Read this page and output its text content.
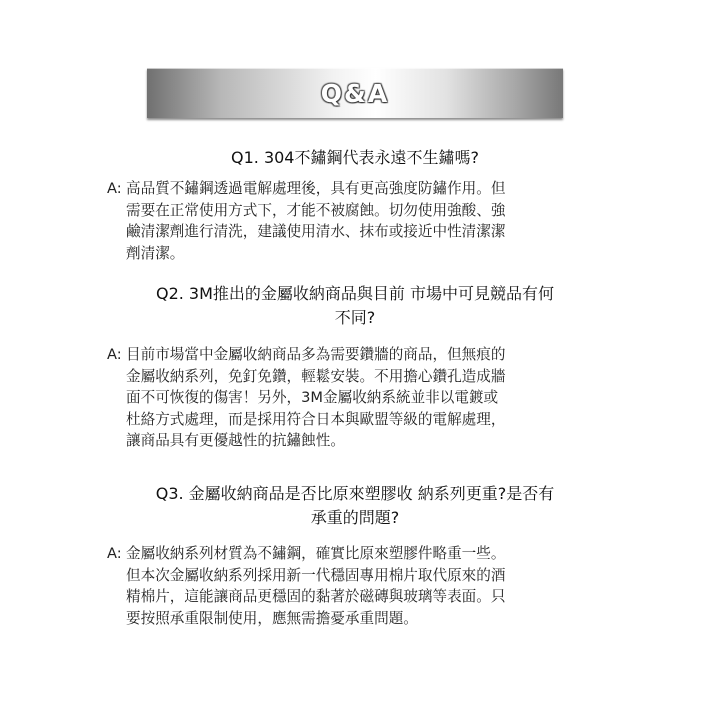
Q&A
Q1. 304不鏽鋼代表永遠不生鏽嗎?
A: 高品質不鏽鋼透過電解處理後，具有更高強度防鏽作用。但
需要在正常使用方式下，才能不被腐蝕。切勿使用強酸、強
鹼清潔劑進行清洗，建議使用清水、抹布或接近中性清潔潔
劑清潔。
Q2. 3M推出的金屬收納商品與目前 市場中可見競品有何不同?
A: 目前市場當中金屬收納商品多為需要鑽牆的商品，但無痕的
金屬收納系列，免釘免鑽，輕鬆安裝。不用擔心鑽孔造成牆
面不可恢復的傷害！另外，3M金屬收納系統並非以電鍍或
杜絡方式處理，而是採用符合日本與歐盟等級的電解處理，
讓商品具有更優越性的抗鏽蝕性。
Q3. 金屬收納商品是否比原來塑膠收 納系列更重?是否有承重的問題?
A: 金屬收納系列材質為不鏽鋼，確實比原來塑膠件略重一些。
但本次金屬收納系列採用新一代穩固專用棉片取代原來的酒
精棉片，這能讓商品更穩固的黏著於磁磚與玻璃等表面。只
要按照承重限制使用，應無需擔憂承重問題。
